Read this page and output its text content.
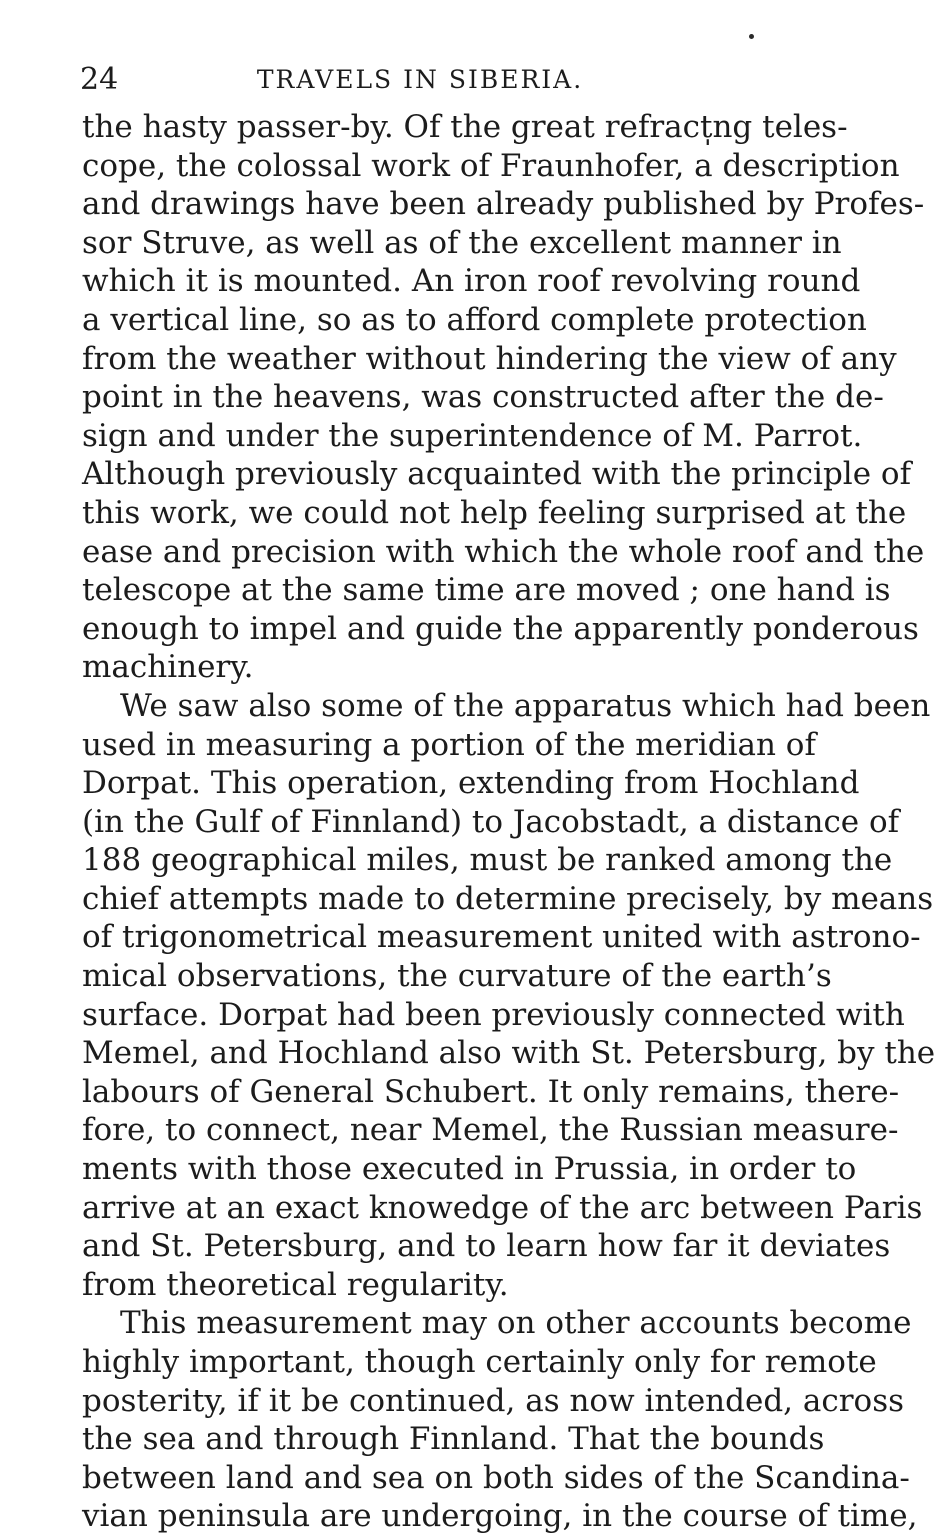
24	TRAVELS IN SIBERIA.
the hasty passer-by. Of the great refract̩ng teles-
cope, the colossal work of Fraunhofer, a description
and drawings have been already published by Profes-
sor Struve, as well as of the excellent manner in
which it is mounted. An iron roof revolving round
a vertical line, so as to afford complete protection
from the weather without hindering the view of any
point in the heavens, was constructed after the de-
sign and under the superintendence of M. Parrot.
Although previously acquainted with the principle of
this work, we could not help feeling surprised at the
ease and precision with which the whole roof and the
telescope at the same time are moved ; one hand is
enough to impel and guide the apparently ponderous
machinery.
We saw also some of the apparatus which had been
used in measuring a portion of the meridian of
Dorpat. This operation, extending from Hochland
(in the Gulf of Finnland) to Jacobstadt, a distance of
188 geographical miles, must be ranked among the
chief attempts made to determine precisely, by means
of trigonometrical measurement united with astrono-
mical observations, the curvature of the earth’s
surface. Dorpat had been previously connected with
Memel, and Hochland also with St. Petersburg, by the
labours of General Schubert. It only remains, there-
fore, to connect, near Memel, the Russian measure-
ments with those executed in Prussia, in order to
arrive at an exact knowedge of the arc between Paris
and St. Petersburg, and to learn how far it deviates
from theoretical regularity.
This measurement may on other accounts become
highly important, though certainly only for remote
posterity, if it be continued, as now intended, across
the sea and through Finnland. That the bounds
between land and sea on both sides of the Scandina-
vian peninsula are undergoing, in the course of time,
